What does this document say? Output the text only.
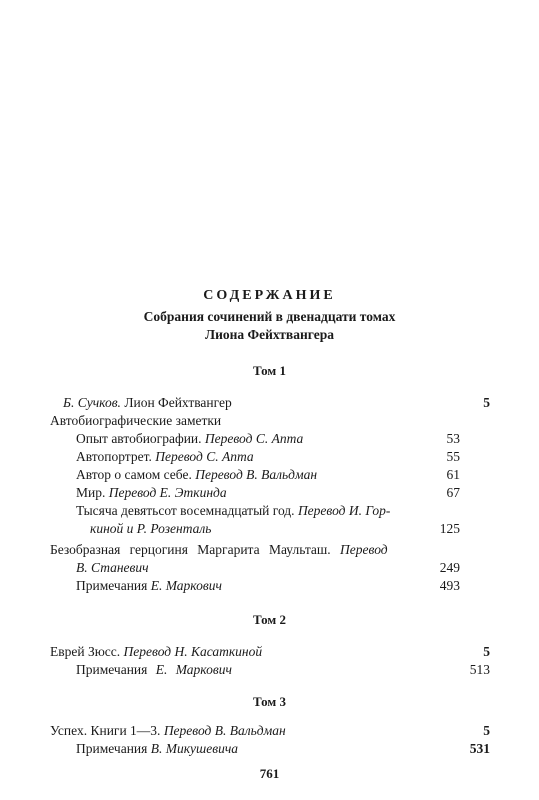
СОДЕРЖАНИЕ
Собрания сочинений в двенадцати томах
Лиона Фейхтвангера
Том 1
Б. Сучков. Лион Фейхтвангер	5
Автобиографические заметки
Опыт автобиографии. Перевод С. Апта	53
Автопортрет. Перевод С. Апта	55
Автор о самом себе. Перевод В. Вальдман	61
Мир. Перевод Е. Эткинда	67
Тысяча девятьсот восемнадцатый год. Перевод И. Гор-
киной и Р. Розенталь	125
Безобразная герцогиня Маргарита Маульташ. Перевод
В. Станевич	249
Примечания Е. Маркович	493
Том 2
Еврей Зюсс. Перевод Н. Касаткиной	5
Примечания Е. Маркович	513
Том 3
Успех. Книги 1—3. Перевод В. Вальдман	5
Примечания В. Микушевича	531
761
